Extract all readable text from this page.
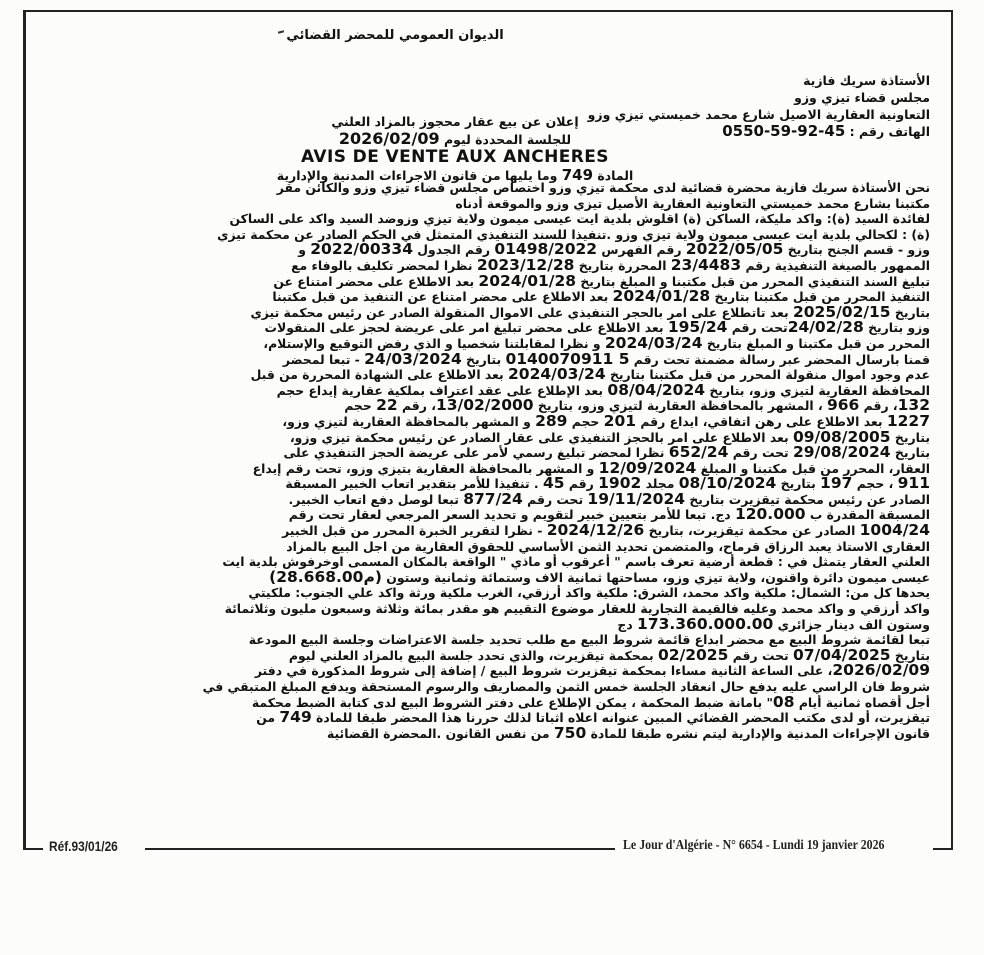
الديوان العمومي للمحضر القضائي
الأستاذة سريك فازية
مجلس قضاء تيزي وزو
التعاونية العقارية الاصيل شارع محمد خميستي تيزي وزو
الهاتف رقم : 0550-59-92-45
إعلان عن بيع عقار محجوز بالمزاد العلني
للجلسة المحددة ليوم 2026/02/09
AVIS DE VENTE AUX ANCHERES
المادة 749 وما يليها من قانون الاجراءات المدنية والإدارية
نحن الأستاذة سريك فازية محضرة قضائية لدى محكمة تيزي وزو اختصاص مجلس قضاء تيزي وزو والكائن مقر
مكتبنا بشارع محمد خميستي التعاونية العقارية الأصيل تيزي وزو والموقعة أدناه
لفائدة السيد (ة): واكد مليكة، الساكن (ة) اقلوش بلدية ايت عيسى ميمون ولاية تيزي وزوضد السيد واكد على الساكن
(ة) : لكحالي بلدية ايت عيسى ميمون ولاية تيزي وزو .تنفيذا للسند التنفيذي المتمثل في الحكم الصادر عن محكمة تيزي
وزو - قسم الجنح بتاريخ 2022/05/05 رقم الفهرس 01498/2022 رقم الجدول 2022/00334 و
الممهور بالصيغة التنفيذية رقم 23/4483 المحررة بتاريخ 2023/12/28 نظرا لمحضر تكليف بالوفاء مع
تبليغ السند التنفيذي المحرر من قبل مكتبنا و المبلغ بتاريخ 2024/01/28 بعد الاطلاع على محضر امتناع عن
التنفيذ المحرر من قبل مكتبنا بتاريخ 2024/01/28 بعد الاطلاع على محضر امتناع عن التنفيذ من قبل مكتبنا
بتاريخ 2025/02/15 بعد تاتطلاع على امر بالحجر التنفيذي على الاموال المنقولة الصادر عن رئيس محكمة تيزي
وزو بتاريخ 24/02/28تحت رقم 195/24 بعد الاطلاع على محضر تبليغ امر على عريضة لحجز على المنقولات
المحرر من قبل مكتبنا و المبلغ بتاريخ 2024/03/24 و نظرا لمقابلتنا شخصيا و الذي رفض التوقيع والإستلام،
قمنا بارسال المحضر عبر رسالة مضمنة تحت رقم 0140070911 5 بتاريخ 24/03/2024 - تبعا لمحضر
عدم وجود اموال منقولة المحرر من قبل مكتبنا بتاريخ 2024/03/24 بعد الاطلاع على الشهادة المحررة من قبل
المحافظة العقارية لتيزي وزو، بتاريخ 08/04/2024 بعد الإطلاع على عقد اعتراف بملكية عقارية إيداع حجم
132، رقم 966 ، المشهر بالمحافظة العقارية لتيزي وزو، بتاريخ 13/02/2000، رقم 22 حجم
1227 بعد الاطلاع على رهن اتفاقي، ايداع رقم 201 حجم 289 و المشهر بالمحافظة العقارية لتيزي وزو،
بتاريخ 09/08/2005 بعد الاطلاع على امر بالحجز التنفيذي على عقار الصادر عن رئيس محكمة تيزي وزو،
بتاريخ 29/08/2024 تحت رقم 652/24 نظرا لمحضر تبليغ رسمي لأمر على عريضة الحجز التنفيذي على
العقار، المحرر من قبل مكتبنا و المبلغ 12/09/2024 و المشهر بالمحافظة العقارية بتيزي وزو، تحت رقم إيداع
911 ، حجم 197 بتاريخ 08/10/2024 مجلد 1902 رقم 45 . تنفيذا للأمر بتقدير اتعاب الخبير المسبقة
الصادر عن رئيس محكمة تيقزيرت بتاريخ 19/11/2024 تحت رقم 877/24 تبعا لوصل دفع اتعاب الخبير.
المسبقة المقدرة ب 120.000 دج. تبعا للأمر بتعيين خبير لتقويم و تحديد السعر المرجعي لعقار تحت رقم
1004/24 الصادر عن محكمة تيقزيرت، بتاريخ 2024/12/26 - نظرا لتقرير الخبرة المحرر من قبل الخبير
العقاري الاستاذ يعبد الرزاق قرماح، والمتضمن تحديد الثمن الأساسي للحقوق العقارية من اجل البيع بالمزاد
العلني العقار يتمثل في : قطعة أرضية تعرف باسم " أعرقوب أو ماذي " الواقعة بالمكان المسمى اوخرفوش بلدية ايت
عيسى ميمون دائرة واقنون، ولاية تيزي وزو، مساحتها ثمانية الاف وستمائة وثمانية وستون (2م8.668.00)
يحدها كل من: الشمال: ملكية واكد محمد، الشرق: ملكية واكد أرزقي، الغرب ملكية ورثة واكد علي الجنوب: ملكيتي
واكد أرزقي و واكد محمد وعليه فالقيمة التجارية للعقار موضوع التقييم هو مقدر بمائة وثلاثة وسبعون مليون وثلاثمائة
وستون الف دينار جزائري 173.360.000.00 دج
تبعا لقائمة شروط البيع مع محضر ابداع قائمة شروط البيع مع طلب تحديد جلسة الاعتراضات وجلسة البيع المودعة
بتاريخ 07/04/2025 تحت رقم 02/2025 بمحكمة تيقزيرت، والذي تحدد جلسة البيع بالمزاد العلني ليوم
2026/02/09، على الساعة الثانية مساءا بمحكمة تيقزيرت شروط البيع / إضافة إلى شروط المذكورة في دفتر
شروط فان الراسي عليه يدفع حال انعقاد الجلسة خمس الثمن والمصاريف والرسوم المستحقة ويدفع المبلغ المتبقي في
أجل أقصاه ثمانية أيام 08" بامانة ضبط المحكمة ، يمكن الإطلاع على دفتر الشروط البيع لدى كتابة الضبط محكمة
تيقزيرت، أو لدى مكتب المحضر القضائي المبين عنوانه اعلاه اثباتا لذلك حررنا هذا المحضر طبقا للمادة 749 من
قانون الإجراءات المدنية والإدارية ليتم نشره طبقا للمادة 750 من نفس القانون .المحضرة القضائية
Réf.93/01/26	Le Jour d'Algérie - N° 6654 - Lundi 19 janvier 2026
